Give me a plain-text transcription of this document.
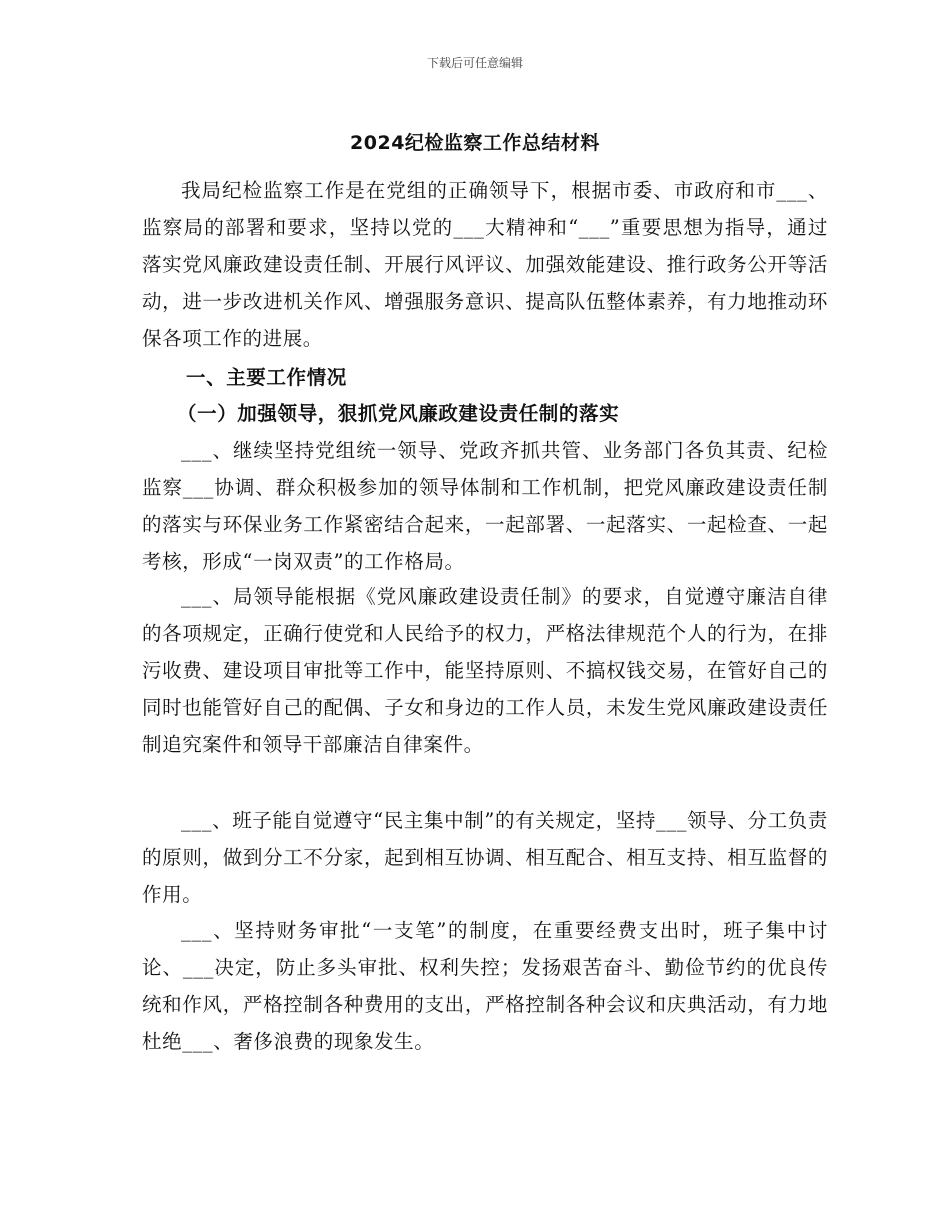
下载后可任意编辑
2024纪检监察工作总结材料

我局纪检监察工作是在党组的正确领导下，根据市委、市政府和市___、监察局的部署和要求，坚持以党的___大精神和“___”重要思想为指导，通过落实党风廉政建设责任制、开展行风评议、加强效能建设、推行政务公开等活动，进一步改进机关作风、增强服务意识、提高队伍整体素养，有力地推动环保各项工作的进展。

一、主要工作情况
（一）加强领导，狠抓党风廉政建设责任制的落实

___、继续坚持党组统一领导、党政齐抓共管、业务部门各负其责、纪检监察___协调、群众积极参加的领导体制和工作机制，把党风廉政建设责任制的落实与环保业务工作紧密结合起来，一起部署、一起落实、一起检查、一起考核，形成“一岗双责”的工作格局。

___、局领导能根据《党风廉政建设责任制》的要求，自觉遵守廉洁自律的各项规定，正确行使党和人民给予的权力，严格法律规范个人的行为，在排污收费、建设项目审批等工作中，能坚持原则、不搞权钱交易，在管好自己的同时也能管好自己的配偶、子女和身边的工作人员，未发生党风廉政建设责任制追究案件和领导干部廉洁自律案件。

___、班子能自觉遵守“民主集中制”的有关规定，坚持___领导、分工负责的原则，做到分工不分家，起到相互协调、相互配合、相互支持、相互监督的作用。

___、坚持财务审批“一支笔”的制度，在重要经费支出时，班子集中讨论、___决定，防止多头审批、权利失控；发扬艰苦奋斗、勤俭节约的优良传统和作风，严格控制各种费用的支出，严格控制各种会议和庆典活动，有力地杜绝___、奢侈浪费的现象发生。
